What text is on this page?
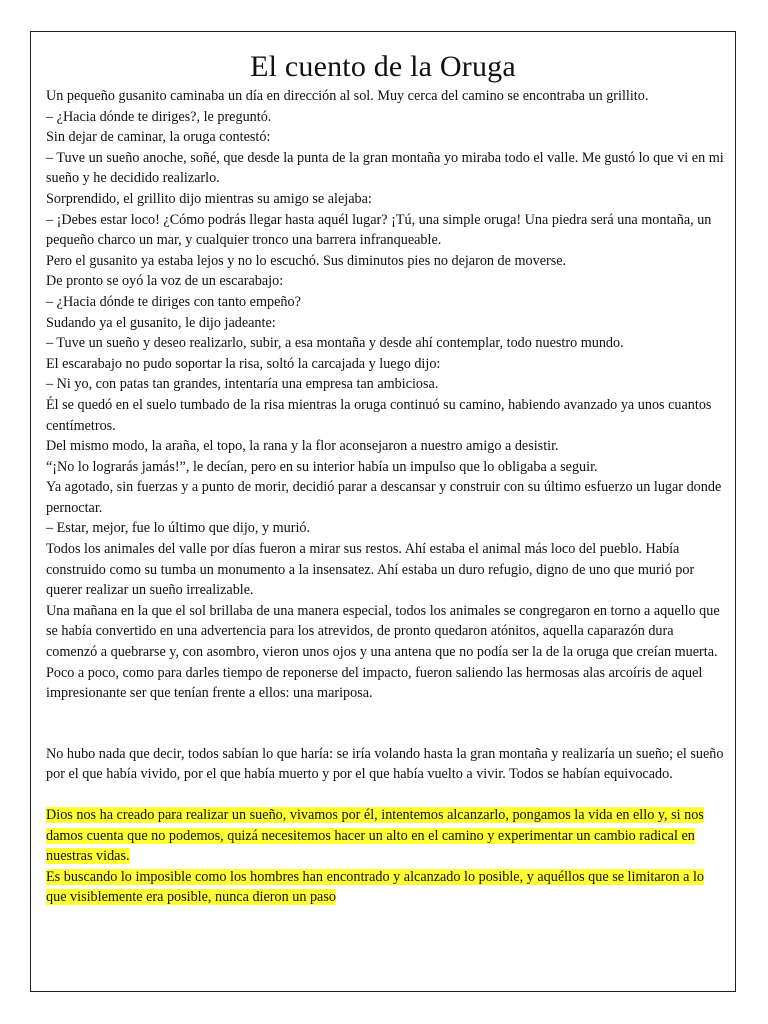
El cuento de la Oruga

Un pequeño gusanito caminaba un día en dirección al sol. Muy cerca del camino se encontraba un grillito.

– ¿Hacia dónde te diriges?, le preguntó.

Sin dejar de caminar, la oruga contestó:

– Tuve un sueño anoche, soñé, que desde la punta de la gran montaña yo miraba todo el valle. Me gustó lo que vi en mi sueño y he decidido realizarlo.

Sorprendido, el grillito dijo mientras su amigo se alejaba:

– ¡Debes estar loco! ¿Cómo podrás llegar hasta aquél lugar? ¡Tú, una simple oruga! Una piedra será una montaña, un pequeño charco un mar, y cualquier tronco una barrera infranqueable.

Pero el gusanito ya estaba lejos y no lo escuchó. Sus diminutos pies no dejaron de moverse.

De pronto se oyó la voz de un escarabajo:

– ¿Hacia dónde te diriges con tanto empeño?

Sudando ya el gusanito, le dijo jadeante:

– Tuve un sueño y deseo realizarlo, subir, a esa montaña y desde ahí contemplar, todo nuestro mundo.

El escarabajo no pudo soportar la risa, soltó la carcajada y luego dijo:

– Ni yo, con patas tan grandes, intentaría una empresa tan ambiciosa.

Él se quedó en el suelo tumbado de la risa mientras la oruga continuó su camino, habiendo avanzado ya unos cuantos centímetros.

Del mismo modo, la araña, el topo, la rana y la flor aconsejaron a nuestro amigo a desistir.

“¡No lo lograrás jamás!”, le decían, pero en su interior había un impulso que lo obligaba a seguir.

Ya agotado, sin fuerzas y a punto de morir, decidió parar a descansar y construir con su último esfuerzo un lugar donde pernoctar.

– Estar, mejor, fue lo último que dijo, y murió.

Todos los animales del valle por días fueron a mirar sus restos. Ahí estaba el animal más loco del pueblo. Había construido como su tumba un monumento a la insensatez. Ahí estaba un duro refugio, digno de uno que murió por querer realizar un sueño irrealizable.

Una mañana en la que el sol brillaba de una manera especial, todos los animales se congregaron en torno a aquello que se había convertido en una advertencia para los atrevidos, de pronto quedaron atónitos, aquella caparazón dura comenzó a quebrarse y, con asombro, vieron unos ojos y una antena que no podía ser la de la oruga que creían muerta.

Poco a poco, como para darles tiempo de reponerse del impacto, fueron saliendo las hermosas alas arcoíris de aquel impresionante ser que tenían frente a ellos: una mariposa.

No hubo nada que decir, todos sabían lo que haría: se iría volando hasta la gran montaña y realizaría un sueño; el sueño por el que había vivido, por el que había muerto y por el que había vuelto a vivir. Todos se habían equivocado.

Dios nos ha creado para realizar un sueño, vivamos por él, intentemos alcanzarlo, pongamos la vida en ello y, si nos damos cuenta que no podemos, quizá necesitemos hacer un alto en el camino y experimentar un cambio radical en nuestras vidas.

Es buscando lo imposible como los hombres han encontrado y alcanzado lo posible, y aquéllos que se limitaron a lo que visiblemente era posible, nunca dieron un paso
